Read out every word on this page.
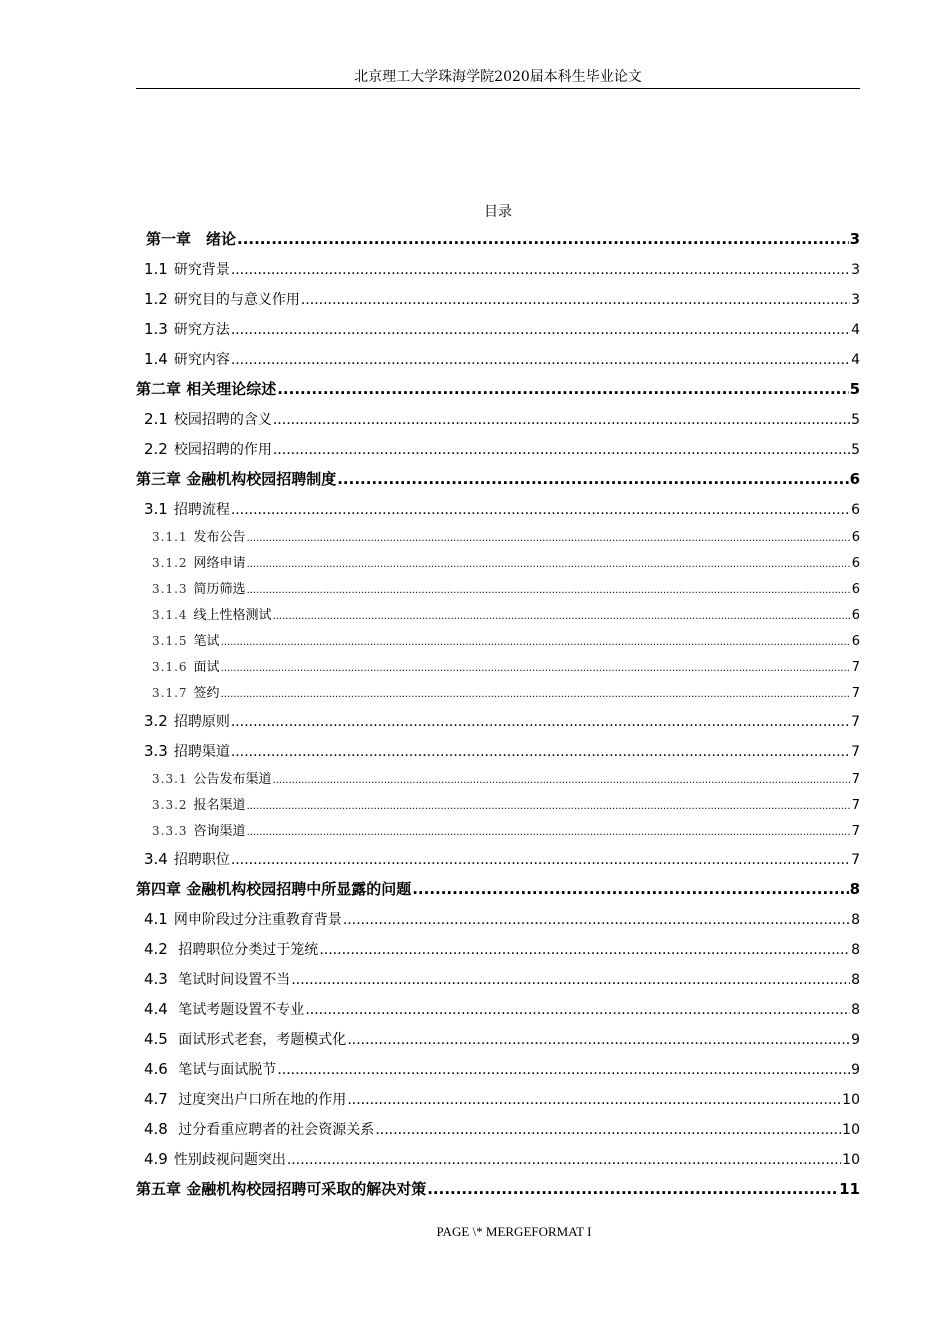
北京理工大学珠海学院2020届本科生毕业论文
目录
第一章　绪论 .....	3
1.1 研究背景 .....	3
1.2 研究目的与意义作用 .....	3
1.3 研究方法 .....	4
1.4 研究内容 .....	4
第二章 相关理论综述 .....	5
2.1 校园招聘的含义 .....	5
2.2 校园招聘的作用 .....	5
第三章 金融机构校园招聘制度 .....	6
3.1 招聘流程 .....	6
3.1.1 发布公告 .....	6
3.1.2 网络申请 .....	6
3.1.3 简历筛选 .....	6
3.1.4 线上性格测试 .....	6
3.1.5 笔试 .....	6
3.1.6 面试 .....	7
3.1.7 签约 .....	7
3.2 招聘原则 .....	7
3.3 招聘渠道 .....	7
3.3.1 公告发布渠道 .....	7
3.3.2 报名渠道 .....	7
3.3.3 咨询渠道 .....	7
3.4 招聘职位 .....	7
第四章 金融机构校园招聘中所显露的问题 .....	8
4.1 网申阶段过分注重教育背景 .....	8
4.2 招聘职位分类过于笼统 .....	8
4.3 笔试时间设置不当 .....	8
4.4 笔试考题设置不专业 .....	8
4.5 面试形式老套，考题模式化 .....	9
4.6 笔试与面试脱节 .....	9
4.7 过度突出户口所在地的作用 .....	10
4.8 过分看重应聘者的社会资源关系 .....	10
4.9 性别歧视问题突出 .....	10
第五章 金融机构校园招聘可采取的解决对策 .....	11
PAGE \* MERGEFORMAT I
